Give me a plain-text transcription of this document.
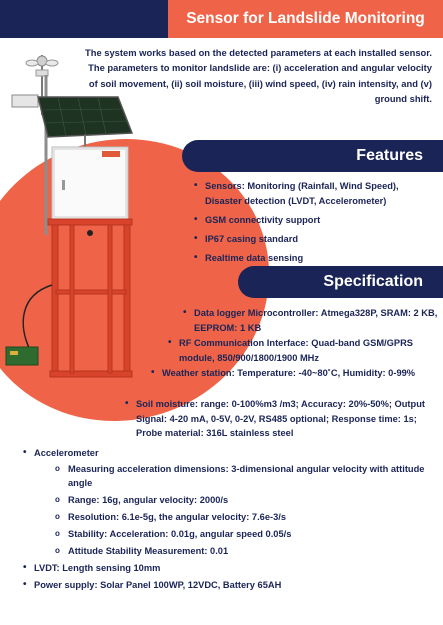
Sensor for Landslide Monitoring
The system works based on the detected parameters at each installed sensor. The parameters to monitor landslide are: (i) acceleration and angular velocity of soil movement, (ii) soil moisture, (iii) wind speed, (iv) rain intensity, and (v) ground shift.
Features
• Sensors: Monitoring (Rainfall, Wind Speed), Disaster detection (LVDT, Accelerometer)
• GSM connectivity support
• IP67 casing standard
• Realtime data sensing
Specification
• Data logger Microcontroller: Atmega328P, SRAM: 2 KB, EEPROM: 1 KB
• RF Communication Interface: Quad-band GSM/GPRS module, 850/900/1800/1900 MHz
• Weather station: Temperature: -40~80˚C, Humidity: 0-99%
• Soil moisture: range: 0-100%m3 /m3; Accuracy: 20%-50%; Output Signal: 4-20 mA, 0-5V, 0-2V, RS485 optional; Response time: 1s; Probe material: 316L stainless steel
• Accelerometer
o Measuring acceleration dimensions: 3-dimensional angular velocity with attitude angle
o Range: 16g, angular velocity: 2000/s
o Resolution: 6.1e-5g, the angular velocity: 7.6e-3/s
o Stability: Acceleration: 0.01g, angular speed 0.05/s
o Attitude Stability Measurement: 0.01
• LVDT: Length sensing 10mm
• Power supply: Solar Panel 100WP, 12VDC, Battery 65AH
